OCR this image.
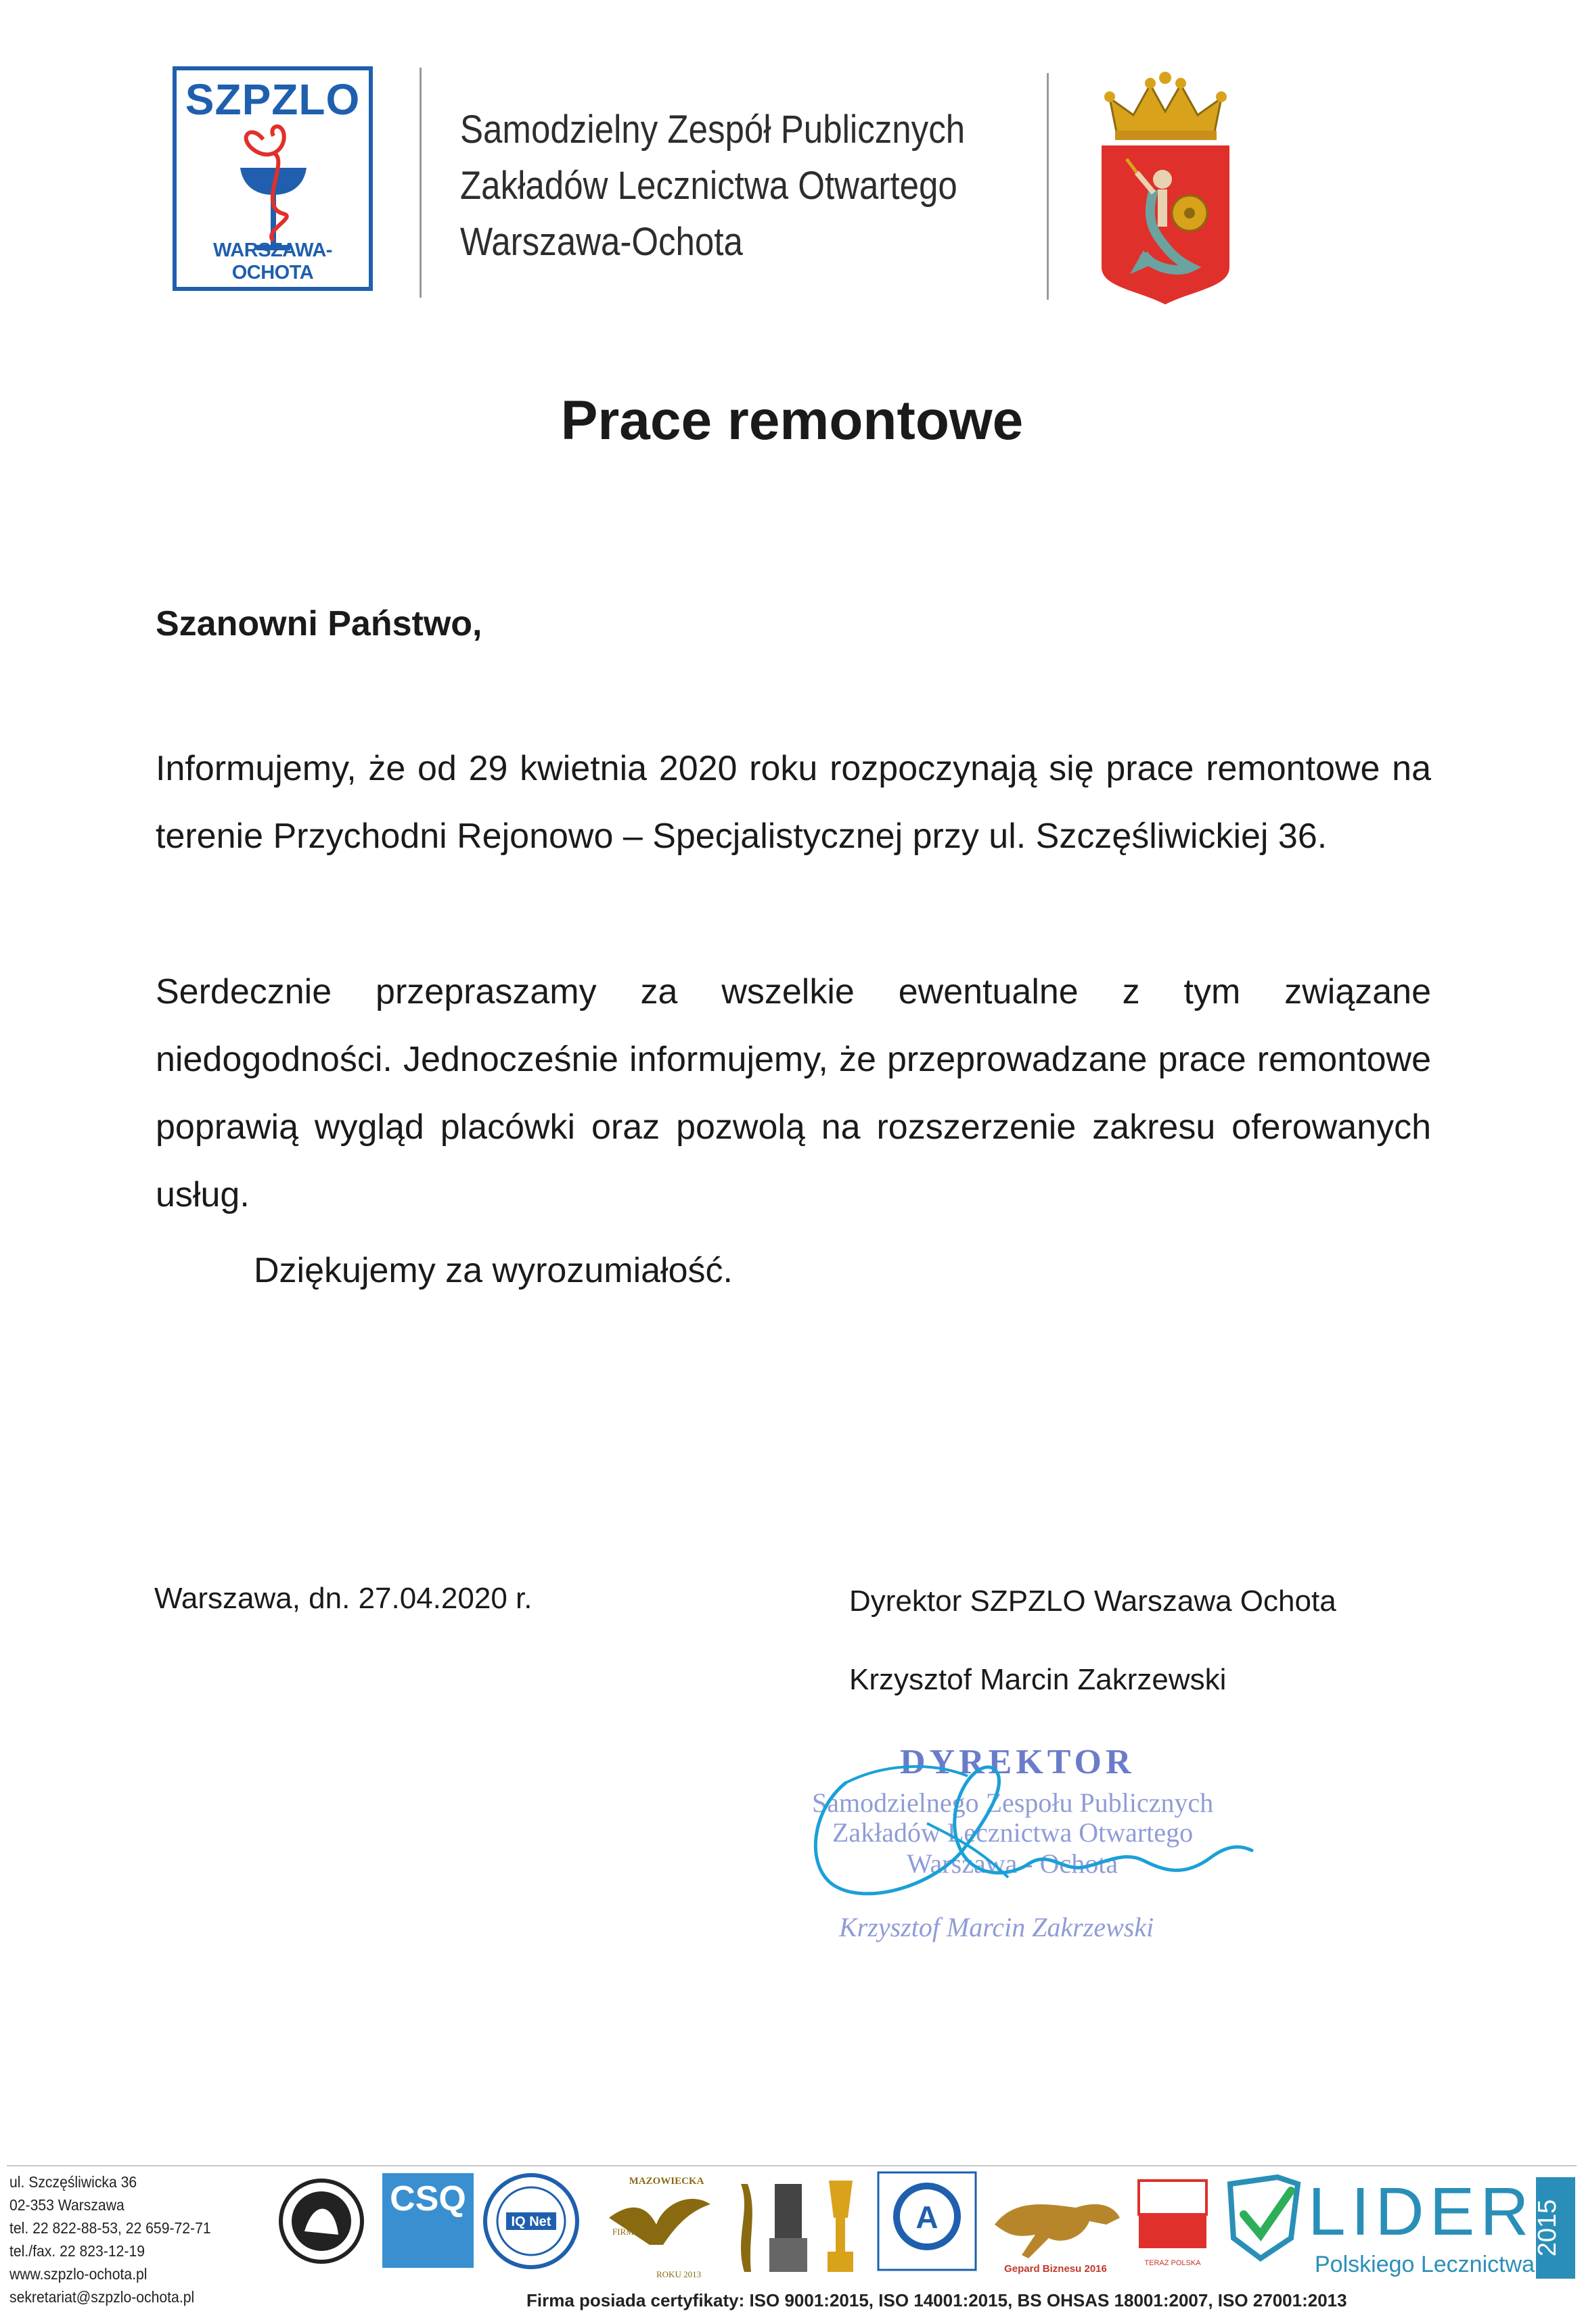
SZPZLO
WARSZAWA-OCHOTA
Samodzielny Zespół Publicznych
Zakładów Lecznictwa Otwartego
Warszawa-Ochota
Prace remontowe
Szanowni Państwo,
Informujemy, że od 29 kwietnia 2020 roku rozpoczynają się prace remontowe na terenie Przychodni Rejonowo – Specjalistycznej przy ul. Szczęśliwickiej 36.
Serdecznie przepraszamy za wszelkie ewentualne z tym związane niedogodności. Jednocześnie informujemy, że przeprowadzane prace remontowe poprawią wygląd placówki oraz pozwolą na rozszerzenie zakresu oferowanych usług.
Dziękujemy za wyrozumiałość.
Warszawa, dn. 27.04.2020 r.	Dyrektor SZPZLO Warszawa Ochota
Krzysztof Marcin Zakrzewski
DYREKTOR
Samodzielnego Zespołu Publicznych
Zakładów Lecznictwa Otwartego
Warszawa - Ochota
Krzysztof Marcin Zakrzewski
ul. Szczęśliwicka 36
02-353 Warszawa
tel. 22 822-88-53, 22 659-72-71
tel./fax. 22 823-12-19
www.szpzlo-ochota.pl
sekretariat@szpzlo-ochota.pl
CSQ
IQ Net
MAZOWIECKA
FIRMA
ROKU 2013
A
Gepard Biznesu 2016	TERAZ POLSKA
LIDER
Polskiego Lecznictwa
2015
Firma posiada certyfikaty: ISO 9001:2015, ISO 14001:2015, BS OHSAS 18001:2007, ISO 27001:2013
